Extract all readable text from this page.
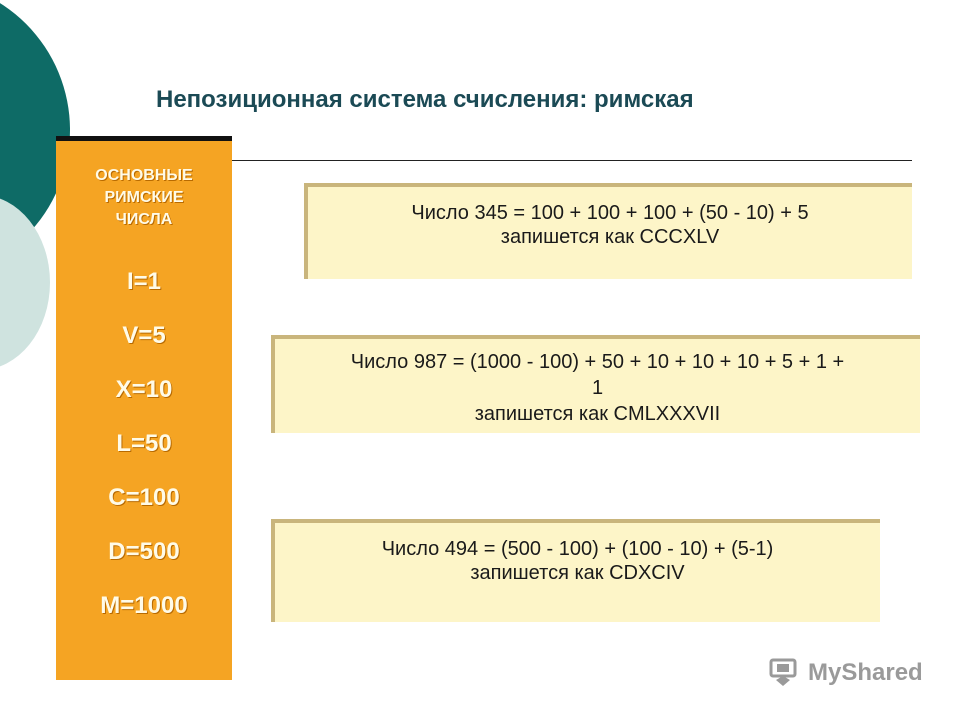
Непозиционная система счисления: римская
ОСНОВНЫЕ
РИМСКИЕ
ЧИСЛА
I=1
V=5
X=10
L=50
C=100
D=500
M=1000
Число 345 = 100 + 100 + 100 + (50 - 10) + 5
запишется как CCCXLV
Число 987 = (1000 - 100) + 50 + 10 + 10 + 10 + 5 + 1 +
1
запишется как CMLXXXVII
Число 494 = (500 - 100) + (100 - 10) + (5-1)
запишется как CDXCIV
MyShared
